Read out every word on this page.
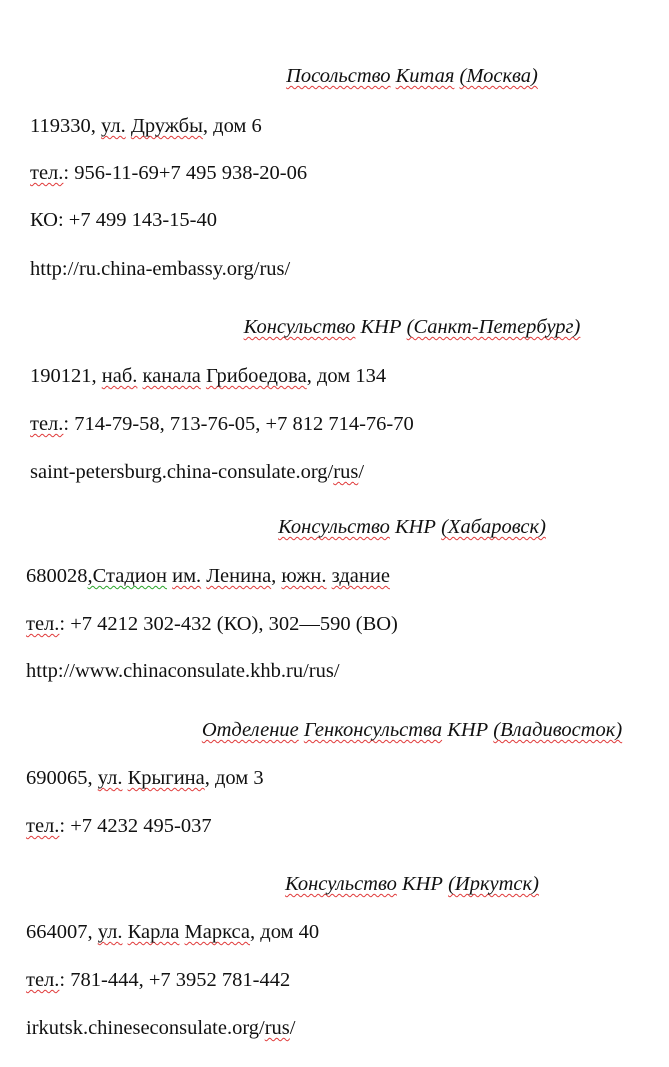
Посольство Китая (Москва)
119330, ул. Дружбы, дом 6
тел.: 956-11-69+7 495 938-20-06
КО: +7 499 143-15-40
http://ru.china-embassy.org/rus/
Консульство КНР (Санкт-Петербург)
190121, наб. канала Грибоедова, дом 134
тел.: 714-79-58, 713-76-05, +7 812 714-76-70
saint-petersburg.china-consulate.org/rus/
Консульство КНР (Хабаровск)
680028,Стадион им. Ленина, южн. здание
тел.: +7 4212 302-432 (КО), 302—590 (ВО)
http://www.chinaconsulate.khb.ru/rus/
Отделение Генконсульства КНР (Владивосток)
690065, ул. Крыгина, дом 3
тел.: +7 4232 495-037
Консульство КНР (Иркутск)
664007, ул. Карла Маркса, дом 40
тел.: 781-444, +7 3952 781-442
irkutsk.chineseconsulate.org/rus/
